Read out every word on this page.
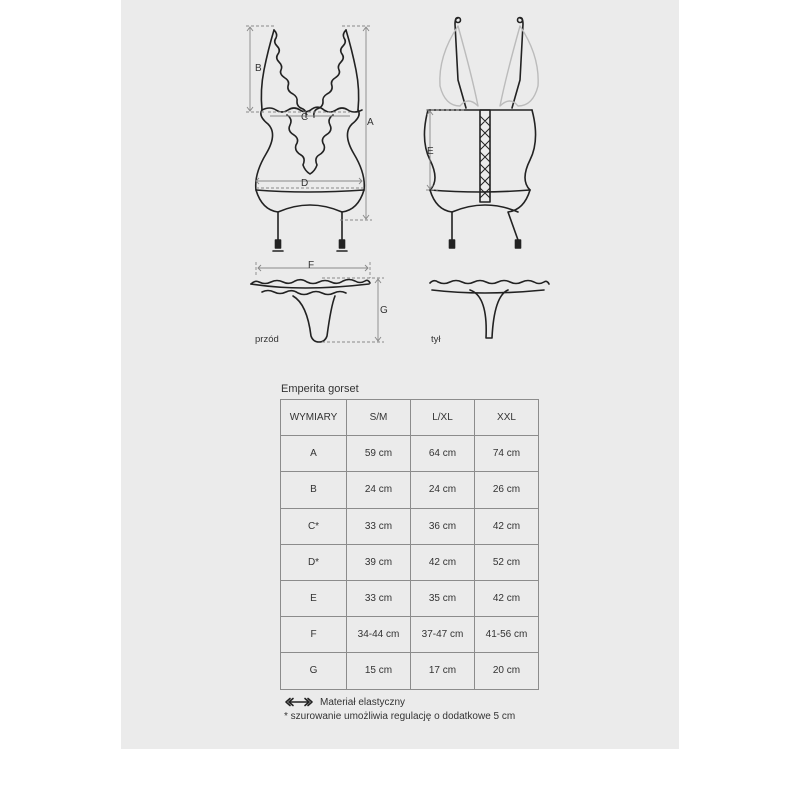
B
A
C
D
E
F
G
przód	tył
Emperita gorset
WYMIARY	S/M	L/XL	XXL
A	59 cm	64 cm	74 cm
B	24 cm	24 cm	26 cm
C*	33 cm	36 cm	42 cm
D*	39 cm	42 cm	52 cm
E	33 cm	35 cm	42 cm
F	34-44 cm	37-47 cm	41-56 cm
G	15 cm	17 cm	20 cm
Materiał elastyczny
* szurowanie umożliwia regulację o dodatkowe 5 cm
